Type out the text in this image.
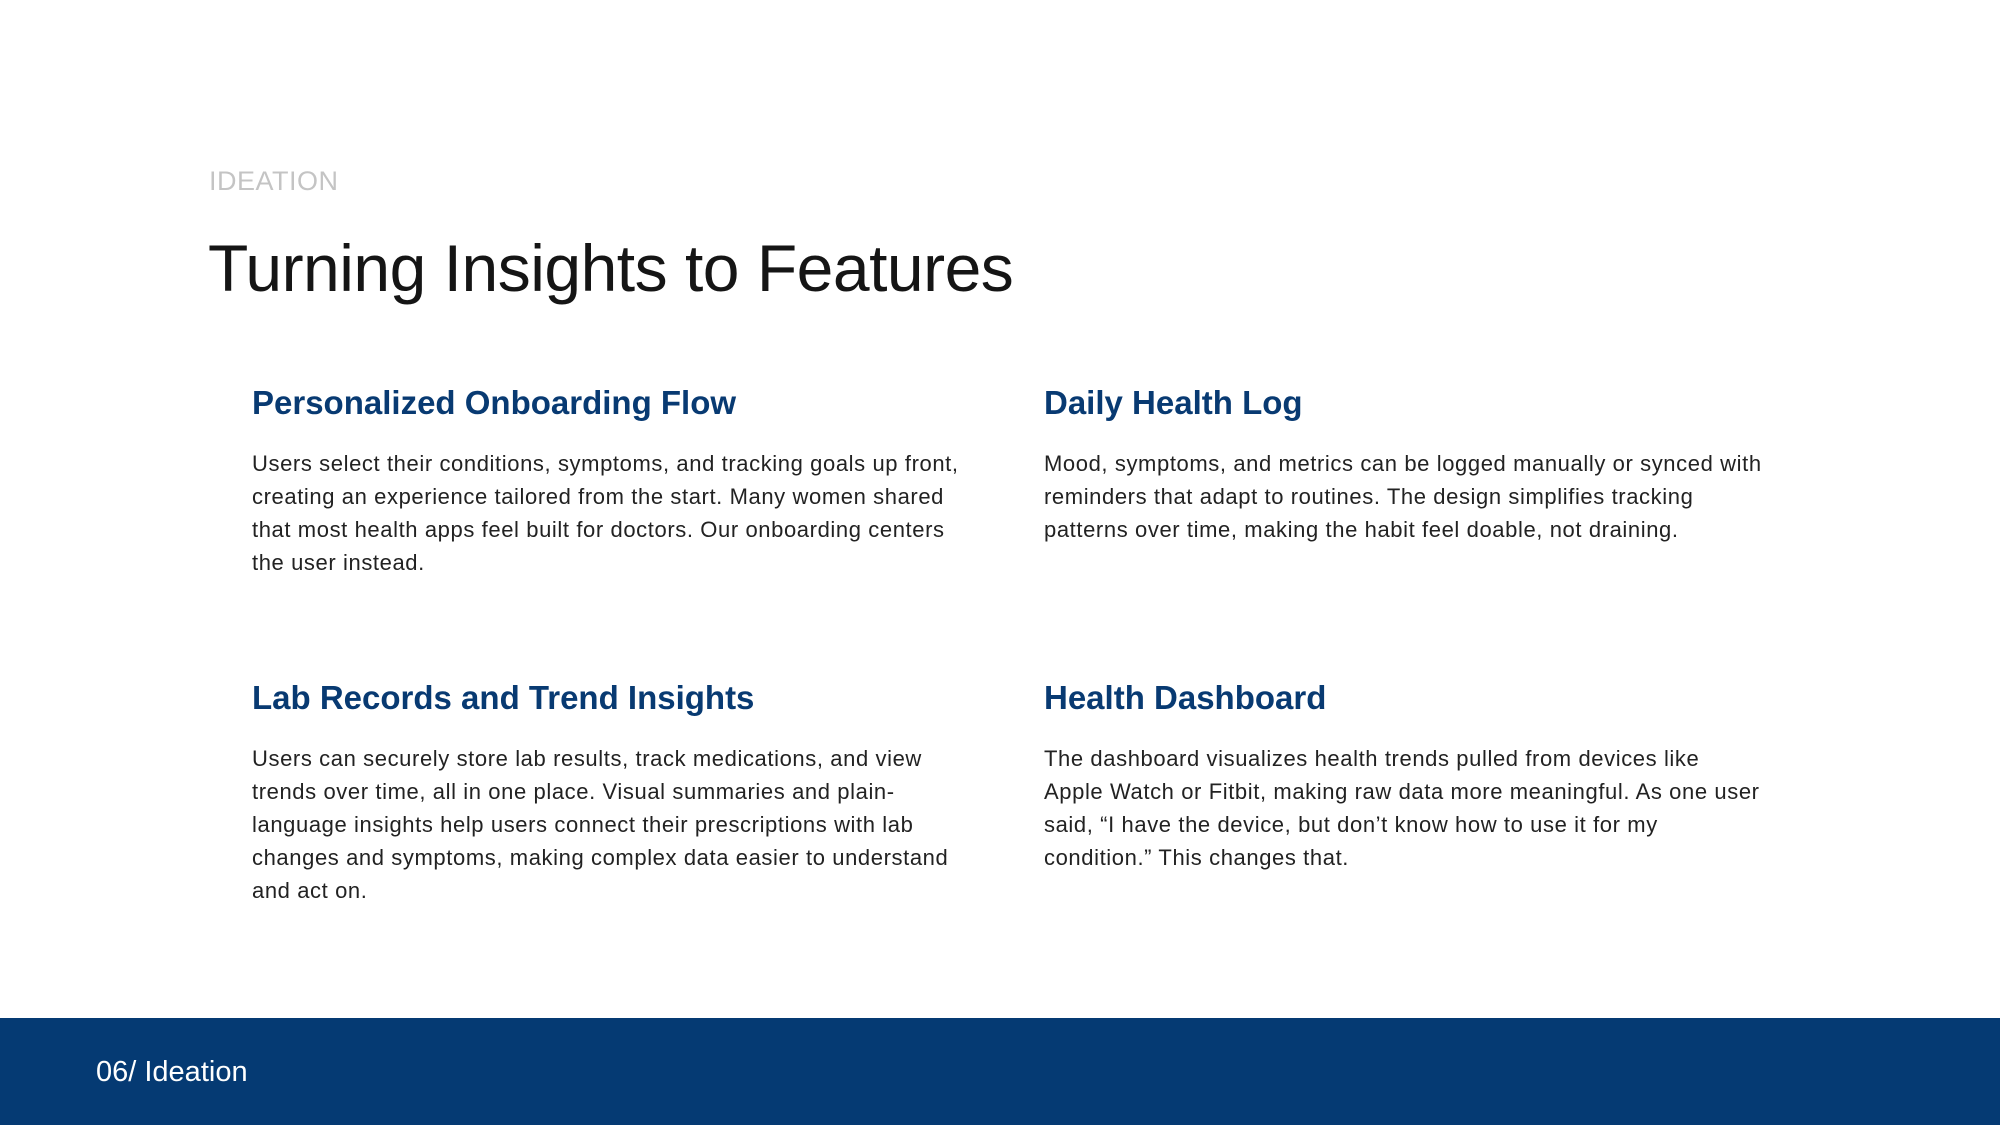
IDEATION
Turning Insights to Features
Personalized Onboarding Flow

Users select their conditions, symptoms, and tracking goals up front, creating an experience tailored from the start. Many women shared that most health apps feel built for doctors. Our onboarding centers the user instead.

Daily Health Log

Mood, symptoms, and metrics can be logged manually or synced with reminders that adapt to routines. The design simplifies tracking patterns over time, making the habit feel doable, not draining.

Lab Records and Trend Insights

Users can securely store lab results, track medications, and view trends over time, all in one place. Visual summaries and plain-language insights help users connect their prescriptions with lab changes and symptoms, making complex data easier to understand and act on.

Health Dashboard

The dashboard visualizes health trends pulled from devices like Apple Watch or Fitbit, making raw data more meaningful. As one user said, “I have the device, but don’t know how to use it for my condition.” This changes that.

06/ Ideation
